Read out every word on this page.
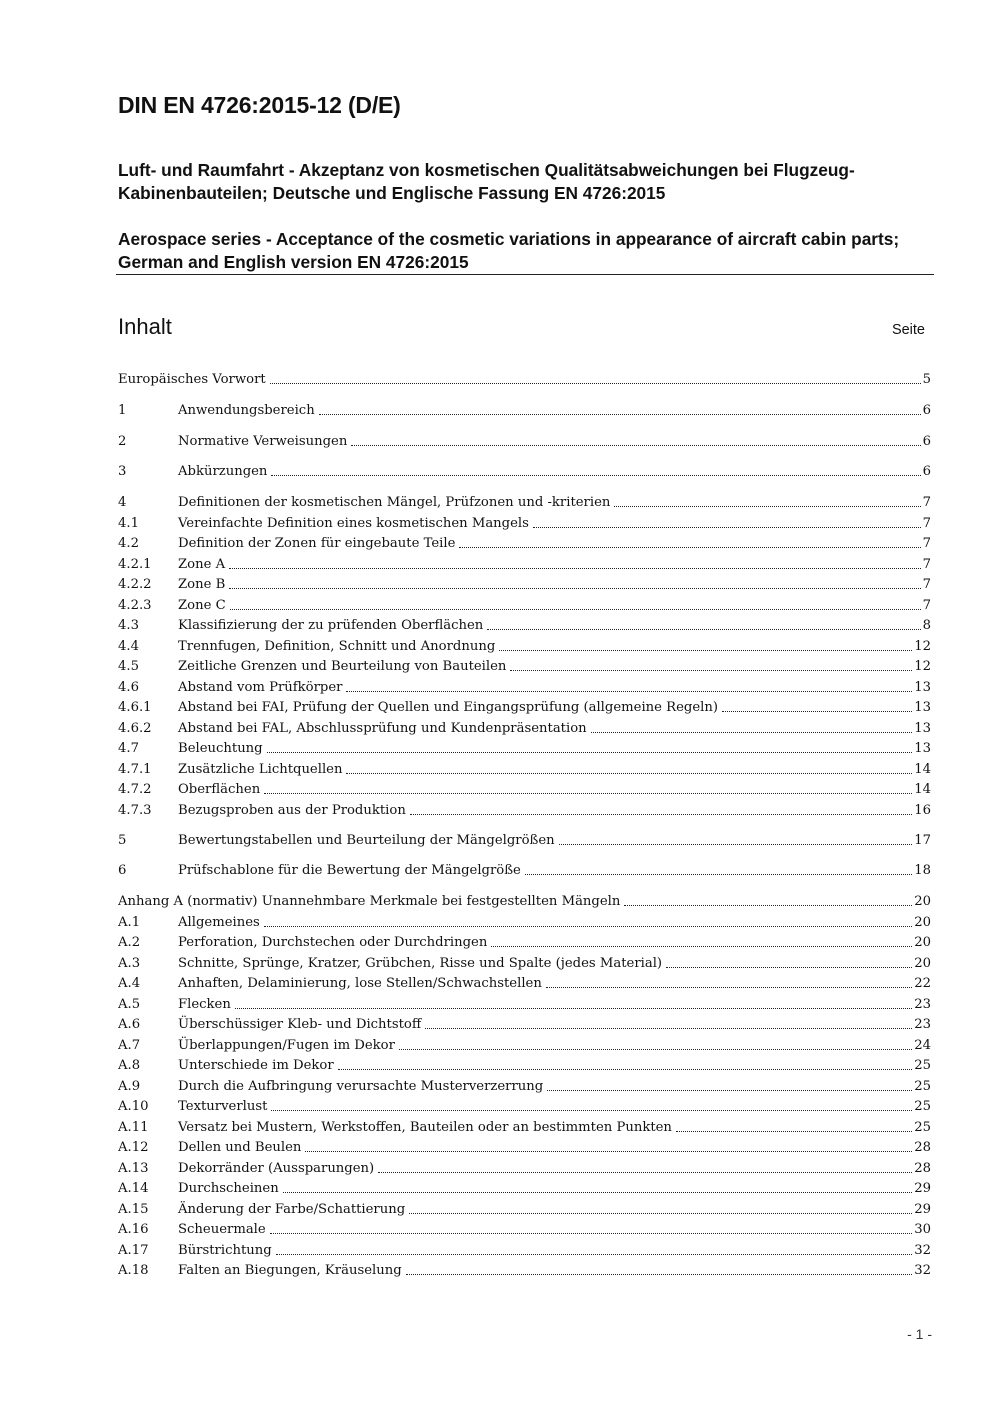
DIN EN 4726:2015-12 (D/E)
Luft- und Raumfahrt - Akzeptanz von kosmetischen Qualitätsabweichungen bei Flugzeug-Kabinenbauteilen; Deutsche und Englische Fassung EN 4726:2015
Aerospace series - Acceptance of the cosmetic variations in appearance of aircraft cabin parts; German and English version EN 4726:2015
Inhalt	Seite
Europäisches Vorwort	5
1	Anwendungsbereich	6
2	Normative Verweisungen	6
3	Abkürzungen	6
4	Definitionen der kosmetischen Mängel, Prüfzonen und -kriterien	7
4.1	Vereinfachte Definition eines kosmetischen Mangels	7
4.2	Definition der Zonen für eingebaute Teile	7
4.2.1 Zone A	7
4.2.2 Zone B	7
4.2.3 Zone C	7
4.3	Klassifizierung der zu prüfenden Oberflächen	8
4.4	Trennfugen, Definition, Schnitt und Anordnung	12
4.5	Zeitliche Grenzen und Beurteilung von Bauteilen	12
4.6	Abstand vom Prüfkörper	13
4.6.1 Abstand bei FAI, Prüfung der Quellen und Eingangsprüfung (allgemeine Regeln)	13
4.6.2 Abstand bei FAL, Abschlussprüfung und Kundenpräsentation	13
4.7	Beleuchtung	13
4.7.1 Zusätzliche Lichtquellen	14
4.7.2 Oberflächen	14
4.7.3 Bezugsproben aus der Produktion	16
5	Bewertungstabellen und Beurteilung der Mängelgrößen	17
6	Prüfschablone für die Bewertung der Mängelgröße	18
Anhang A (normativ) Unannehmbare Merkmale bei festgestellten Mängeln	20
A.1	Allgemeines	20
A.2	Perforation, Durchstechen oder Durchdringen	20
A.3	Schnitte, Sprünge, Kratzer, Grübchen, Risse und Spalte (jedes Material)	20
A.4	Anhaften, Delaminierung, lose Stellen/Schwachstellen	22
A.5	Flecken	23
A.6	Überschüssiger Kleb- und Dichtstoff	23
A.7	Überlappungen/Fugen im Dekor	24
A.8	Unterschiede im Dekor	25
A.9	Durch die Aufbringung verursachte Musterverzerrung	25
A.10 Texturverlust	25
A.11 Versatz bei Mustern, Werkstoffen, Bauteilen oder an bestimmten Punkten	25
A.12 Dellen und Beulen	28
A.13 Dekorränder (Aussparungen)	28
A.14 Durchscheinen	29
A.15 Änderung der Farbe/Schattierung	29
A.16 Scheuermale	30
A.17 Bürstrichtung	32
A.18 Falten an Biegungen, Kräuselung	32
- 1 -
